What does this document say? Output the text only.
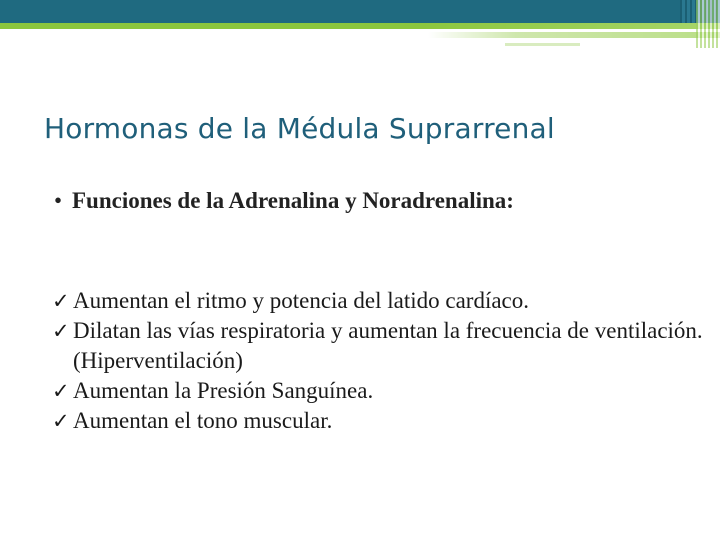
Hormonas de la Médula Suprarrenal
• Funciones de la Adrenalina y Noradrenalina:
✓ Aumentan el ritmo y potencia del latido cardíaco.
✓ Dilatan las vías respiratoria y aumentan la frecuencia de ventilación. (Hiperventilación)
✓ Aumentan la Presión Sanguínea.
✓ Aumentan el tono muscular.
